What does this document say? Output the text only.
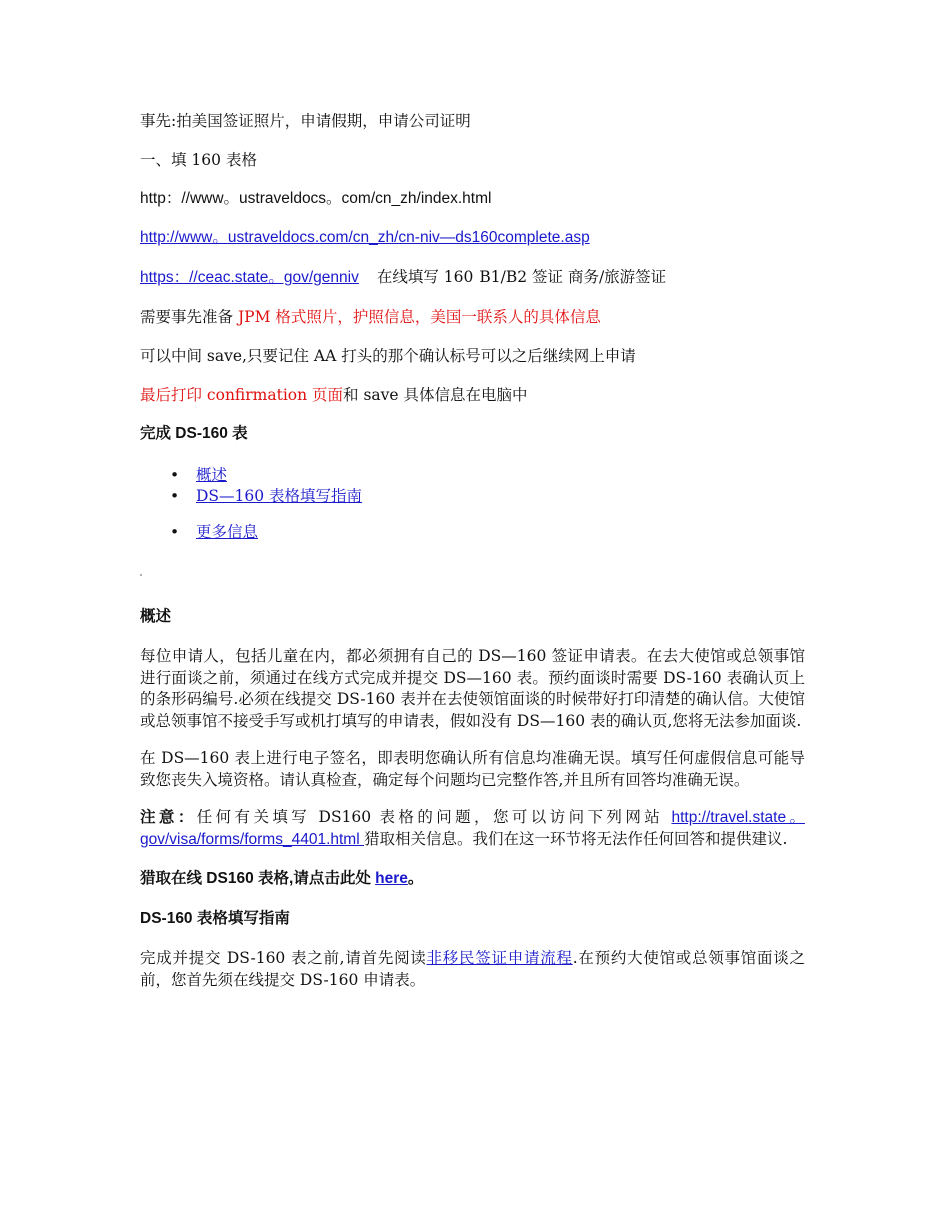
事先:拍美国签证照片，申请假期，申请公司证明

一、填 160 表格

http：//www。ustraveldocs。com/cn_zh/index.html

http://www。ustraveldocs.com/cn_zh/cn-niv—ds160complete.asp

https：//ceac.state。gov/genniv 在线填写 160 B1/B2 签证 商务/旅游签证

需要事先准备 JPM 格式照片，护照信息，美国一联系人的具体信息

可以中间 save,只要记住 AA 打头的那个确认标号可以之后继续网上申请

最后打印 confirmation 页面和 save 具体信息在电脑中

完成 DS-160 表

• 概述
• DS—160 表格填写指南
• 更多信息

概述

每位申请人，包括儿童在内，都必须拥有自己的 DS—160 签证申请表。在去大使馆或总领事馆进行面谈之前，须通过在线方式完成并提交 DS—160 表。预约面谈时需要 DS-160 表确认页上的条形码编号.必须在线提交 DS-160 表并在去使领馆面谈的时候带好打印清楚的确认信。大使馆或总领事馆不接受手写或机打填写的申请表，假如没有 DS—160 表的确认页,您将无法参加面谈.

在 DS—160 表上进行电子签名，即表明您确认所有信息均准确无误。填写任何虚假信息可能导致您丧失入境资格。请认真检查，确定每个问题均已完整作答,并且所有回答均准确无误。

注意：任何有关填写 DS160 表格的问题，您可以访问下列网站 http://travel.state。gov/visa/forms/forms_4401.html 猎取相关信息。我们在这一环节将无法作任何回答和提供建议.

猎取在线 DS160 表格,请点击此处 here。

DS-160 表格填写指南

完成并提交 DS-160 表之前,请首先阅读非移民签证申请流程.在预约大使馆或总领事馆面谈之前，您首先须在线提交 DS-160 申请表。
